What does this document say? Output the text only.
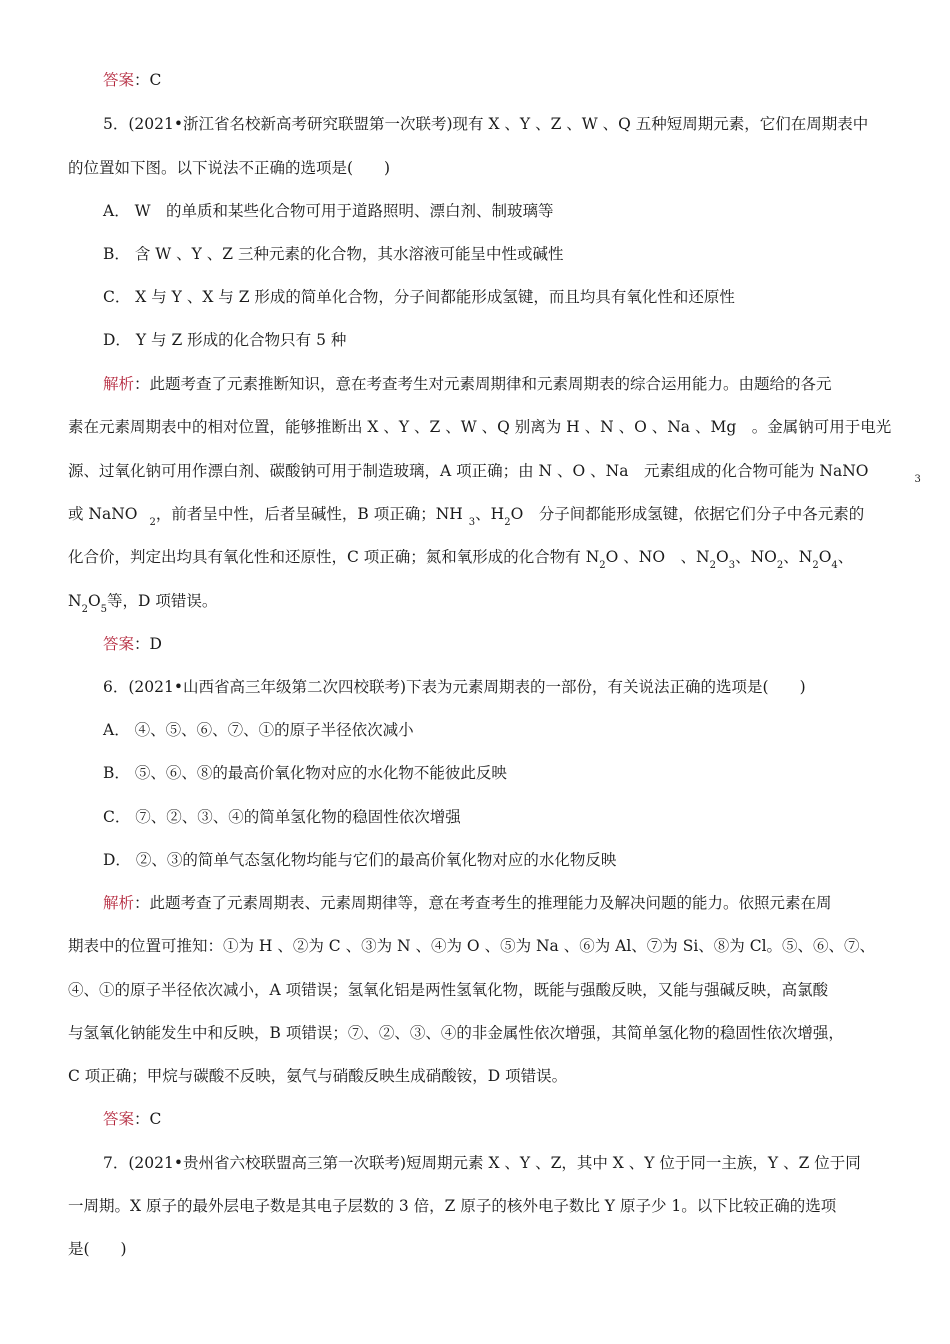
答案：C
5．(2021•浙江省名校新高考研究联盟第一次联考)现有 X 、Y 、Z 、W 、Q 五种短周期元素，它们在周期表中
的位置如下图。以下说法不正确的选项是(　　)
A． W　的单质和某些化合物可用于道路照明、漂白剂、制玻璃等
B． 含 W 、Y 、Z 三种元素的化合物，其水溶液可能呈中性或碱性
C． X 与 Y 、X 与 Z 形成的简单化合物，分子间都能形成氢键，而且均具有氧化性和还原性
D． Y 与 Z 形成的化合物只有 5 种
解析：此题考查了元素推断知识，意在考查考生对元素周期律和元素周期表的综合运用能力。由题给的各元
素在元素周期表中的相对位置，能够推断出 X 、Y 、Z 、W 、Q 别离为 H 、N 、O 、Na 、Mg　。金属钠可用于电光
源、过氧化钠可用作漂白剂、碳酸钠可用于制造玻璃，A 项正确；由 N 、O 、Na　元素组成的化合物可能为 NaNO	$_3$
或 NaNO $_2$，前者呈中性，后者呈碱性，B 项正确；NH $_3$、$H_2O$　分子间都能形成氢键，依据它们分子中各元素的
化合价，判定出均具有氧化性和还原性，C 项正确；氮和氧形成的化合物有 $N_2O$ 、NO　、$N_2O_3$、$NO_2$、$N_2O_4$、
$N_2O_5$等，D 项错误。
答案：D
6．(2021•山西省高三年级第二次四校联考)下表为元素周期表的一部份，有关说法正确的选项是(　　)
A． ④、⑤、⑥、⑦、①的原子半径依次减小
B． ⑤、⑥、⑧的最高价氧化物对应的水化物不能彼此反映
C． ⑦、②、③、④的简单氢化物的稳固性依次增强
D． ②、③的简单气态氢化物均能与它们的最高价氧化物对应的水化物反映
解析：此题考查了元素周期表、元素周期律等，意在考查考生的推理能力及解决问题的能力。依照元素在周
期表中的位置可推知：①为 H 、②为 C 、③为 N 、④为 O 、⑤为 Na 、⑥为 Al、⑦为 Si、⑧为 Cl。⑤、⑥、⑦、
④、①的原子半径依次减小，A 项错误；氢氧化铝是两性氢氧化物，既能与强酸反映，又能与强碱反映，高氯酸
与氢氧化钠能发生中和反映，B 项错误；⑦、②、③、④的非金属性依次增强，其简单氢化物的稳固性依次增强，
C 项正确；甲烷与碳酸不反映，氨气与硝酸反映生成硝酸铵，D 项错误。
答案：C
7．(2021•贵州省六校联盟高三第一次联考)短周期元素 X 、Y 、Z，其中 X 、Y 位于同一主族，Y 、Z 位于同
一周期。X 原子的最外层电子数是其电子层数的 3 倍，Z 原子的核外电子数比 Y 原子少 1。以下比较正确的选项
是(　　)
